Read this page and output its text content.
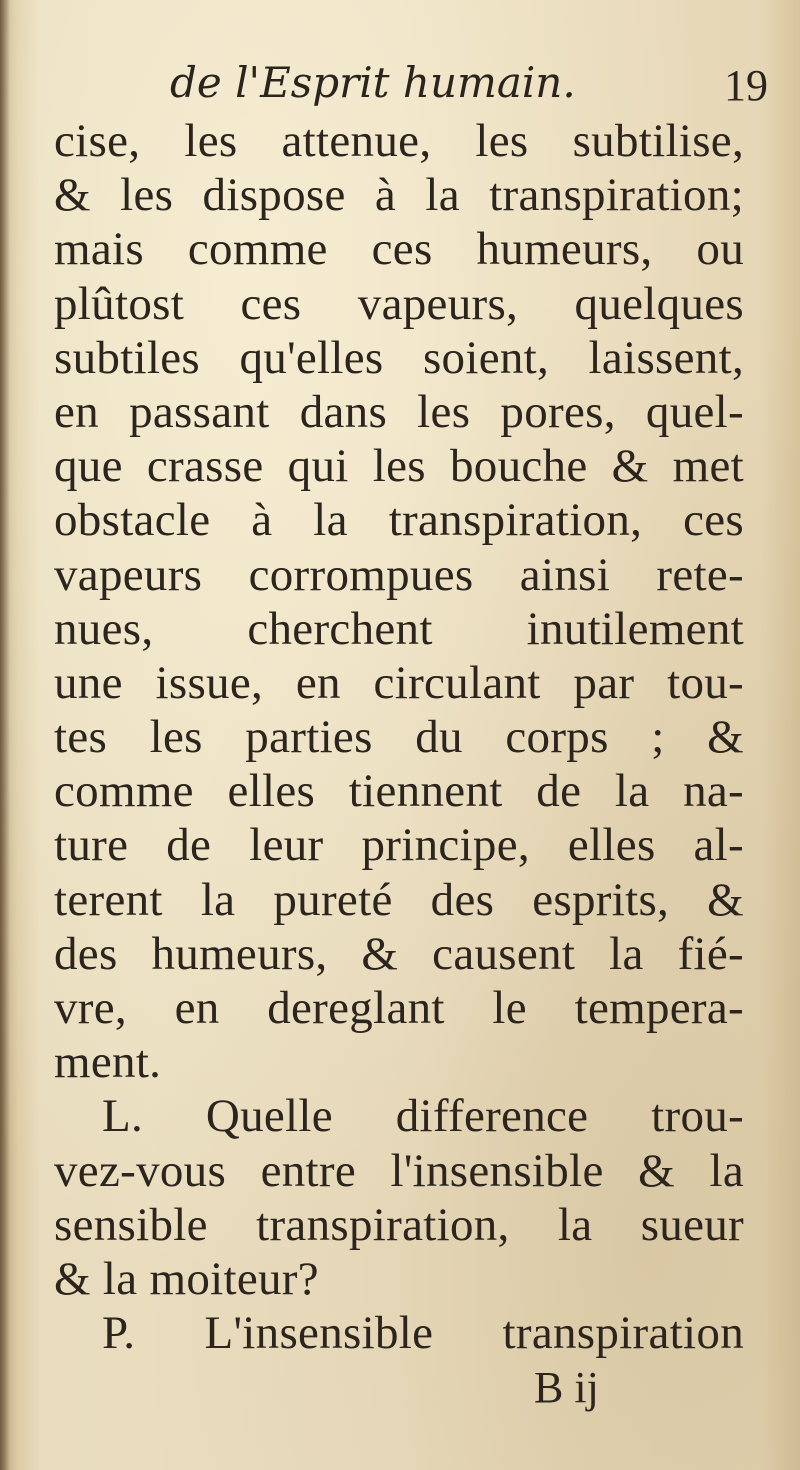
de l'Esprit humain.	19
cise, les attenue, les subtilise,
& les dispose à la transpiration;
mais comme ces humeurs, ou
plûtost ces vapeurs, quelques
subtiles qu'elles soient, laissent,
en passant dans les pores, quel-
que crasse qui les bouche & met
obstacle à la transpiration, ces
vapeurs corrompues ainsi rete-
nues, cherchent inutilement
une issue, en circulant par tou-
tes les parties du corps ; &
comme elles tiennent de la na-
ture de leur principe, elles al-
terent la pureté des esprits, &
des humeurs, & causent la fié-
vre, en dereglant le tempera-
ment.
L. Quelle difference trou-
vez-vous entre l'insensible & la
sensible transpiration, la sueur
& la moiteur?
P. L'insensible transpiration
B ij
